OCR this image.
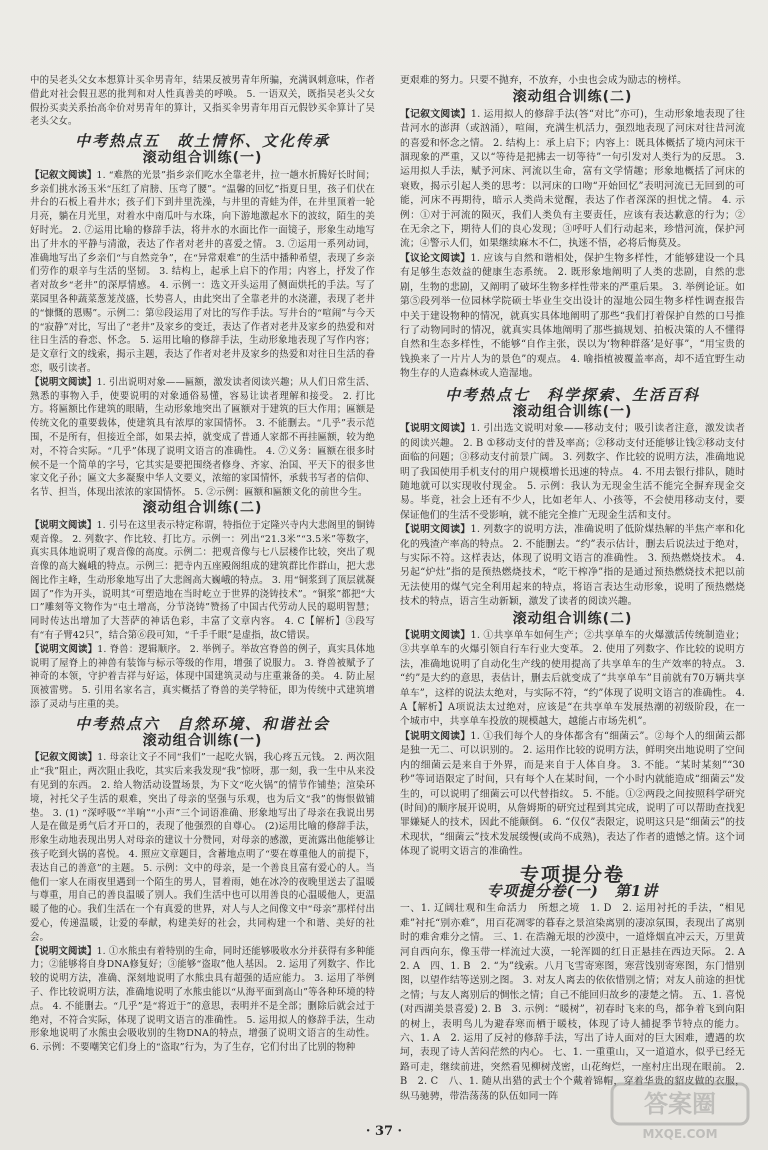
中的吴老头父女本想算计买伞男青年，结果反被男青年所骗，充满讽刺意味，作者借此对社会假丑恶的批判和对人性真善美的呼唤。 5. 一语双关，既指吴老头父女假扮买卖关系抬高伞价对男青年的算计，又指买伞男青年用百元假钞买伞算计了吴老头父女。
中考热点五　故土情怀、文化传承
滚动组合训练(一)
【记叙文阅读】1. “难熬的光景”指乡亲们吃水全靠老井，拉一趟水折腾好长时间；乡亲们挑水汤玉米“压红了肩膀、压弯了腰”。“温馨的回忆”指夏日里，孩子们伏在井台的石板上看井水；孩子们下到井里洗澡，与井里的青蛙为伴，在井里顶着一轮月亮，躺在月光里，对着水中南瓜叶与水珠，向下游地激起水下的波纹，陌生的美好时光。 2. ⑦运用比喻的修辞手法，将井水的水面比作一面镜子，形象生动地写出了井水的平静与清澈，表达了作者对老井的喜爱之情。 3. ⑦运用一系列动词，准确地写出了乡亲们“与自然竞争”，在“异常艰难”的生活中播种希望，表现了乡亲们劳作的艰辛与生活的坚韧。 3. 结构上，起承上启下的作用；内容上，抒发了作者对故乡“老井”的深厚情感。 4. 示例一：选文开头运用了侧面烘托的手法。写了菜园里各种蔬菜葱茏茂盛，长势喜人，由此突出了全靠老井的水浇灌，表现了老井的“慷慨的恩赐”。示例二：第⑫段运用了对比的写作手法。写井台的“喧闹”与今天的“寂静”对比，写出了“老井”及家乡的变迁，表达了作者对老井及家乡的热爱和对往日生活的眷恋、怀念。 5. 运用比喻的修辞手法，生动形象地表现了写作内容；是文章行文的线索，揭示主题，表达了作者对老井及家乡的热爱和对往日生活的眷恋，吸引读者。
【说明文阅读】1. 引出说明对象——匾额，激发读者阅读兴趣；从人们日常生活、熟悉的事物入手，使要说明的对象通俗易懂，容易让读者理解和接受。 2. 打比方。将匾额比作建筑的眼睛，生动形象地突出了匾额对于建筑的巨大作用；匾额是传统文化的重要载体，使建筑具有浓厚的家国情怀。 3. 不能删去。“几乎”表示范围，不是所有，但接近全部，如果去掉，就变成了普通人家都不再挂匾额，较为绝对，不符合实际。“几乎”体现了说明文语言的准确性。 4. ⑦义务：匾额在很多时候不是一个简单的字号，它其实是要把围绕者修身、齐家、治国、平天下的很多世家文化子孙；匾文大多凝聚中华人文要义，浓缩的家国情怀，承载书写者的信仰、名节、担当，体现出浓浓的家国情怀。 5. ②示例：匾额和匾额文化的前世今生。
滚动组合训练(二)
【说明文阅读】1. 引号在这里表示特定称谓，特指位于定隆兴寺内大悲阁里的铜铸观音像。 2. 列数字、作比较、打比方。示例一：列出“21.3米”“3.5米”等数字，真实具体地说明了观音像的高度。示例二：把观音像与七八层楼作比较，突出了观音像的高大巍峨的特点。示例三：把寺内五座殿阁组成的建筑群比作群山，把大悲阁比作主峰，生动形象地写出了大悲阁高大巍峨的特点。 3. 用“铜浆到了顶层就凝固了”作为开头，说明其“可塑造地在当时屹立于世界的浇铸技术”。“铜浆”都把“大口”雕刻等文物作为“屯土增高，分节浇铸”赞扬了中国古代劳动人民的聪明智慧；同时传达出增加了大菩萨的神话色彩，丰富了文章内容。 4. C【解析】③段写有“有子臂42只”，结合第⑥段可知，“千手千眼”是虚指，故C错误。
【说明文阅读】1. 脊兽：逻辑顺序。 2. 举例子。举故宫脊兽的例子，真实具体地说明了屋脊上的神兽有装饰与标示等级的作用，增强了说服力。 3. 脊兽被赋予了神奇的本领，守护着吉祥与好运，体现中国建筑灵动与庄重兼备的美。 4. 防止屋顶被雷劈。 5. 引用名家名言，真实概括了脊兽的美学特征，即为传统中式建筑增添了灵动与庄重的美。
中考热点六　自然环境、和谐社会
滚动组合训练(一)
【记叙文阅读】1. 母亲让文子不同“我们”一起吃火锅，我心疼五元钱。 2. 两次阻止“我”阻止，两次阻止我吃，其实后来我发现“我”惊呀，那一刻，我一生中从来没有见到的东西。 2. 给人物活动设置场景，为下文“吃火锅”的情节作铺垫；渲染环境，衬托父子生活的艰难，突出了母亲的坚强与乐观，也为后文“我”的悔恨做铺垫。 3. (1) “深呼吸”“半响”“小声”三个词语准确、形象地写出了母亲在我说出男人是在做是勇气后才开口的，表现了他强烈的自尊心。 (2)运用比喻的修辞手法，形象生动地表现出男人对母亲的建议十分赞同，对母亲的感激，更流露出他能够让孩子吃到火锅的喜悦。 4. 照应文章题目，含蓄地点明了“要在尊重他人的前提下，表达自己的善意”的主题。 5. 示例：文中的母亲，是一个善良且富有爱心的人。当他们一家人在雨夜里遇到一个陌生的男人，冒着雨，她在冰冷的夜晚里送去了温暖与尊重，用自己的善良温暖了别人。我们生活中也可以用善良的心温暖他人，更温暖了他的心。我们生活在一个有真爱的世界，对人与人之间像文中“母亲”那样付出爱心，传递温暖，让爱的奉献，构建美好的社会，共同构建一个和谐、美好的社会。
【说明文阅读】1. ①水熊虫有着特别的生命，同时还能够吸收水分并获得有多种能力；②能够将自身DNA修复好；③能够“盗取”他人基因。 2. 运用了列数字、作比较的说明方法，准确、深刻地说明了水熊虫具有超强的适应能力。 3. 运用了举例子、作比较说明方法，准确地说明了水熊虫能以“从海平面到高山”等各种环境的特点。 4. 不能删去。“几乎”是“将近于”的意思，表明并不是全部；删除后就会过于绝对，不符合实际，体现了说明文语言的准确性。 5. 运用拟人的修辞手法，生动形象地说明了水熊虫会吸收别的生物DNA的特点，增强了说明文语言的生动性。 6. 示例：不要嘲笑它们身上的“盗取”行为，为了生存，它们付出了比别的物种
更艰难的努力。只要不抛弃，不放弃，小虫也会成为励志的榜样。
滚动组合训练(二)
【记叙文阅读】1. 运用拟人的修辞手法(答“对比”亦可)，生动形象地表现了往昔河水的澎湃（或汹涌），喧闹，充满生机活力，强烈地表现了河床对往昔河流的喜爱和怀念之情。 2. 结构上：承上启下；内容上：既具体概括了境内河床干涸现象的严重，又以“等待是把拂去一切等待”一句引发对人类行为的反思。 3. 运用拟人手法，赋予河床、河流以生命，富有文学情趣；形象地概括了河床的衰败，揭示引起人类的思考：以河床的口吻“开始回忆”表明河流已无回到的可能，河床不再期待，暗示人类尚未觉醒，表达了作者深深的担忧之情。 4. 示例：①对于河流的陨灭，我们人类负有主要责任，应该有表达歉意的行为；②在无余之下，期待人们的良心发现；③呼吁人们行动起来，珍惜河流，保护河流；④警示人们，如果继续麻木不仁，执迷不悟，必将后悔莫及。
【议论文阅读】1. 应该与自然和谐相处，保护生物多样性，才能够建设一个具有足够生态效益的健康生态系统。 2. 既形象地阐明了人类的悲剧，自然的悲剧，生物的悲剧，又阐明了破坏生物多样性带来的严重后果。 3. 举例论证。如第⑤段列举一位园林学院硕士毕业生交出设计的湿地公园生物多样性调查报告中关于建设物种的情况，就真实具体地阐明了那些“我们打着保护自然的口号推行了动物同时的情况，就真实具体地阐明了那些搞规划、拍板决策的人不懂得自然和生态多样性，不能够“自作主张，误以为‘物种群落’是好事”，“用宝贵的钱换来了一片片人为的景色”的观点。 4. 喻指植被覆盖率高，却不适宜野生动物生存的人造森林或人造湿地。
中考热点七　科学探索、生活百科
滚动组合训练(一)
【说明文阅读】1. 引出选文说明对象——移动支付；吸引读者注意，激发读者的阅读兴趣。 2. B ①移动支付的普及率高；②移动支付还能够让钱②移动支付面临的问题；③移动支付前景广阔。 3. 列数字、作比较的说明方法，准确地说明了我国使用手机支付的用户规模增长迅速的特点。 4. 不用去银行排队，随时随地就可以实现收付现金。 5. 示例：我认为无现金生活不能完全摒弃现金交易。毕竟，社会上还有不少人，比如老年人、小孩等，不会使用移动支付，要保证他们的生活不受影响，就不能完全推广无现金生活和支付。
【说明文阅读】1. 列数字的说明方法，准确说明了低阶煤热解的半焦产率和化化的残渣产率高的特点。 2. 不能删去。“约”表示估计，删去后说法过于绝对，与实际不符。这样表达，体现了说明文语言的准确性。 3. 预热燃烧技术。 4. 另起“炉灶”指的是预热燃烧技术，“吃干榨净”指的是通过预热燃烧技术把以前无法使用的煤气完全利用起来的特点，将语言表达生动形象，说明了预热燃烧技术的特点，语言生动新颖，激发了读者的阅读兴趣。
滚动组合训练(二)
【说明文阅读】1. ①共享单车如何生产；②共享单车的火爆激活传统制造业；③共享单车的火爆引领自行车行业大变革。 2. 使用了列数字、作比较的说明方法，准确地说明了自动化生产线的使用提高了共享单车的生产效率的特点。 3. “约”是大约的意思，表估计，删去后就变成了“共享单车”目前就有70万辆共享单车”，这样的说法太绝对，与实际不符，“约”体现了说明文语言的准确性。 4. A【解析】A项说法太过绝对，应该是“在共享单车发展热潮的初级阶段，在一个城市中，共享单车投放的规模越大，越能占市场先机”。
【说明文阅读】1. ①我们每个人的身体都含有“细菌云”。②每个人的细菌云都是独一无二、可以识别的。 2. 运用作比较的说明方法，鲜明突出地说明了空间内的细菌云是来自于外界，而是来自于人体自身。 3. 不能。“某时某刻”“30秒”等词语限定了时间，只有每个人在某时间，一个小时内就能造成“细菌云”发生的，可以说明了细菌云可以代替指纹。 5. 不能。①②两段之间按照科学研究(时间)的顺序展开说明，从詹姆斯的研究过程到其完成，说明了可以帮助查找犯罪嫌疑人的技术，因此不能颠倒。 6. “仅仅”表限定，说明这只是“细菌云”的技术现状，“细菌云”技术发展缓慢(或尚不成熟)，表达了作者的遗憾之情。这个词体现了说明文语言的准确性。
专项提分卷
专项提分卷(一)　第1讲
一、1. 辽阔壮观和生命活力　所想之境　1. D　2. 运用衬托的手法，“相见难”衬托“别亦难”，用百花凋零的暮春之景渲染离别的凄凉氛围，表现出了离别时的难舍难分之情。 三、1. 在浩瀚无垠的沙漠中，一道烽烟直冲云天，万里黄河自西向东，像玉带一样流过大漠，一轮浑圆的红日正悬挂在西边天际。 2. A　2. A　四、1. B　2. “为”线索。八月飞雪寄寒图，寒营饯别寄寒图，东门惜别图，以望作结等送别之图。 3. 对友人离去的依依惜别之情；对友人前途的担忧之情；与友人离别后的惆怅之情；自己不能回归故乡的凄楚之情。 五、1. 喜悦(对西湖美景喜爱) 2. B　3. 示例：“暖树”，初春时飞来的鸟，都争着飞到向阳的树上，表明鸟儿为避春寒而栖于暖枝，体现了诗人捕捉季节特点的能力。 六、1. A　2. 运用了反衬的修辞手法，写出了诗人面对的巨大困难，遭遇的坎坷，表现了诗人苦闷茫然的内心。 七、1. 一重重山，又一道道水，似乎已经无路可走，继续前进，突然看见柳树茂密，山花绚烂，一座村庄出现在眼前。 2. B　2. C　八、1. 随从出猎的武士个个戴着锦帽，穿着华贵的貂皮做的衣服，纵马驰骋，带浩荡荡的队伍如同一阵
· 37 ·
答案圈
MXQE.COM
